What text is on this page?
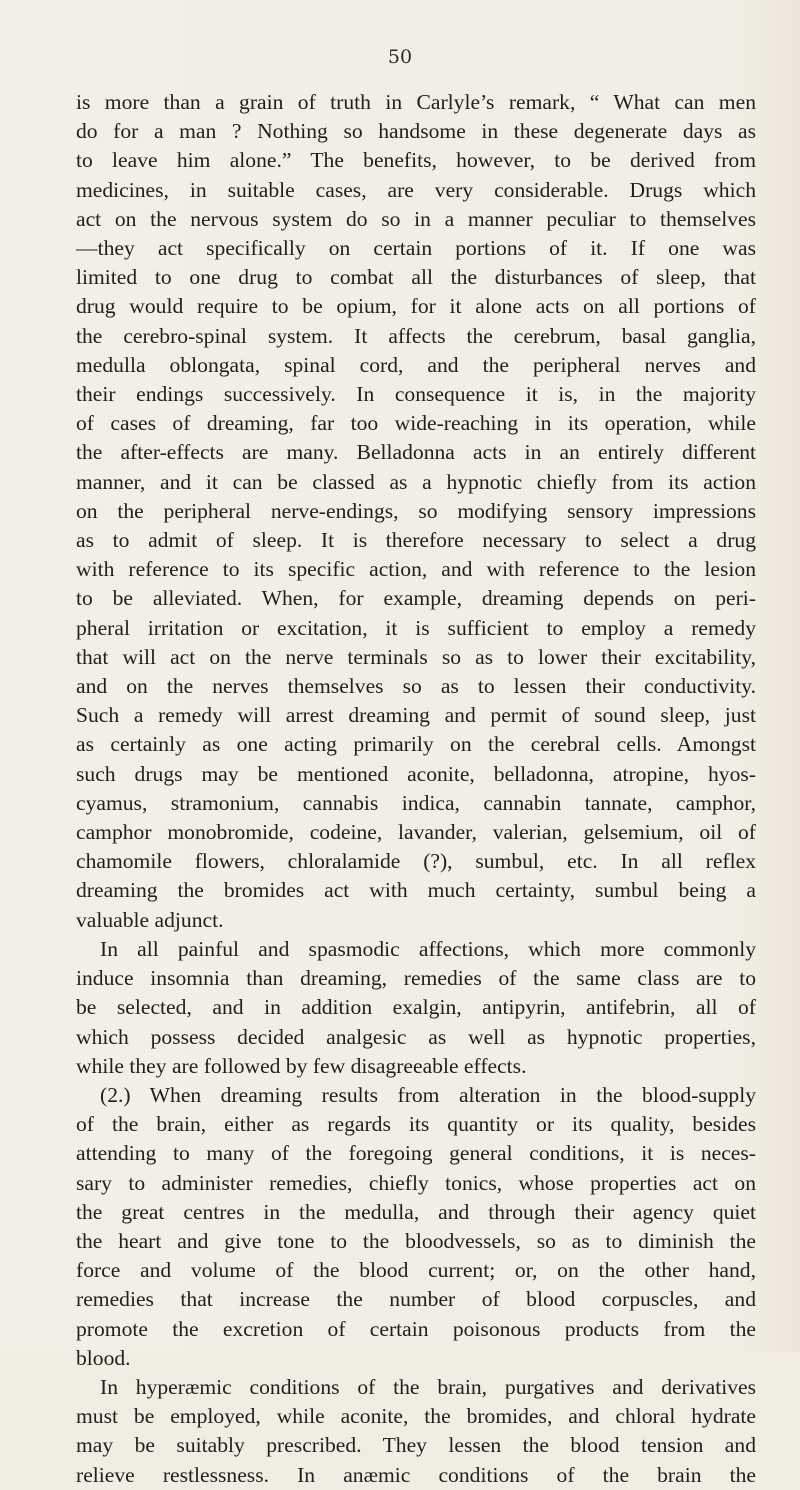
50
is more than a grain of truth in Carlyle’s remark, “ What can men
do for a man ? Nothing so handsome in these degenerate days as
to leave him alone.” The benefits, however, to be derived from
medicines, in suitable cases, are very considerable. Drugs which
act on the nervous system do so in a manner peculiar to themselves
—they act specifically on certain portions of it. If one was
limited to one drug to combat all the disturbances of sleep, that
drug would require to be opium, for it alone acts on all portions of
the cerebro-spinal system. It affects the cerebrum, basal ganglia,
medulla oblongata, spinal cord, and the peripheral nerves and
their endings successively. In consequence it is, in the majority
of cases of dreaming, far too wide-reaching in its operation, while
the after-effects are many. Belladonna acts in an entirely different
manner, and it can be classed as a hypnotic chiefly from its action
on the peripheral nerve-endings, so modifying sensory impressions
as to admit of sleep. It is therefore necessary to select a drug
with reference to its specific action, and with reference to the lesion
to be alleviated. When, for example, dreaming depends on peri-
pheral irritation or excitation, it is sufficient to employ a remedy
that will act on the nerve terminals so as to lower their excitability,
and on the nerves themselves so as to lessen their conductivity.
Such a remedy will arrest dreaming and permit of sound sleep, just
as certainly as one acting primarily on the cerebral cells. Amongst
such drugs may be mentioned aconite, belladonna, atropine, hyos-
cyamus, stramonium, cannabis indica, cannabin tannate, camphor,
camphor monobromide, codeine, lavander, valerian, gelsemium, oil of
chamomile flowers, chloralamide (?), sumbul, etc. In all reflex
dreaming the bromides act with much certainty, sumbul being a
valuable adjunct.
In all painful and spasmodic affections, which more commonly
induce insomnia than dreaming, remedies of the same class are to
be selected, and in addition exalgin, antipyrin, antifebrin, all of
which possess decided analgesic as well as hypnotic properties,
while they are followed by few disagreeable effects.
(2.) When dreaming results from alteration in the blood-supply
of the brain, either as regards its quantity or its quality, besides
attending to many of the foregoing general conditions, it is neces-
sary to administer remedies, chiefly tonics, whose properties act on
the great centres in the medulla, and through their agency quiet
the heart and give tone to the bloodvessels, so as to diminish the
force and volume of the blood current; or, on the other hand,
remedies that increase the number of blood corpuscles, and
promote the excretion of certain poisonous products from the
blood.
In hyperæmic conditions of the brain, purgatives and derivatives
must be employed, while aconite, the bromides, and chloral hydrate
may be suitably prescribed. They lessen the blood tension and
relieve restlessness. In anæmic conditions of the brain the
